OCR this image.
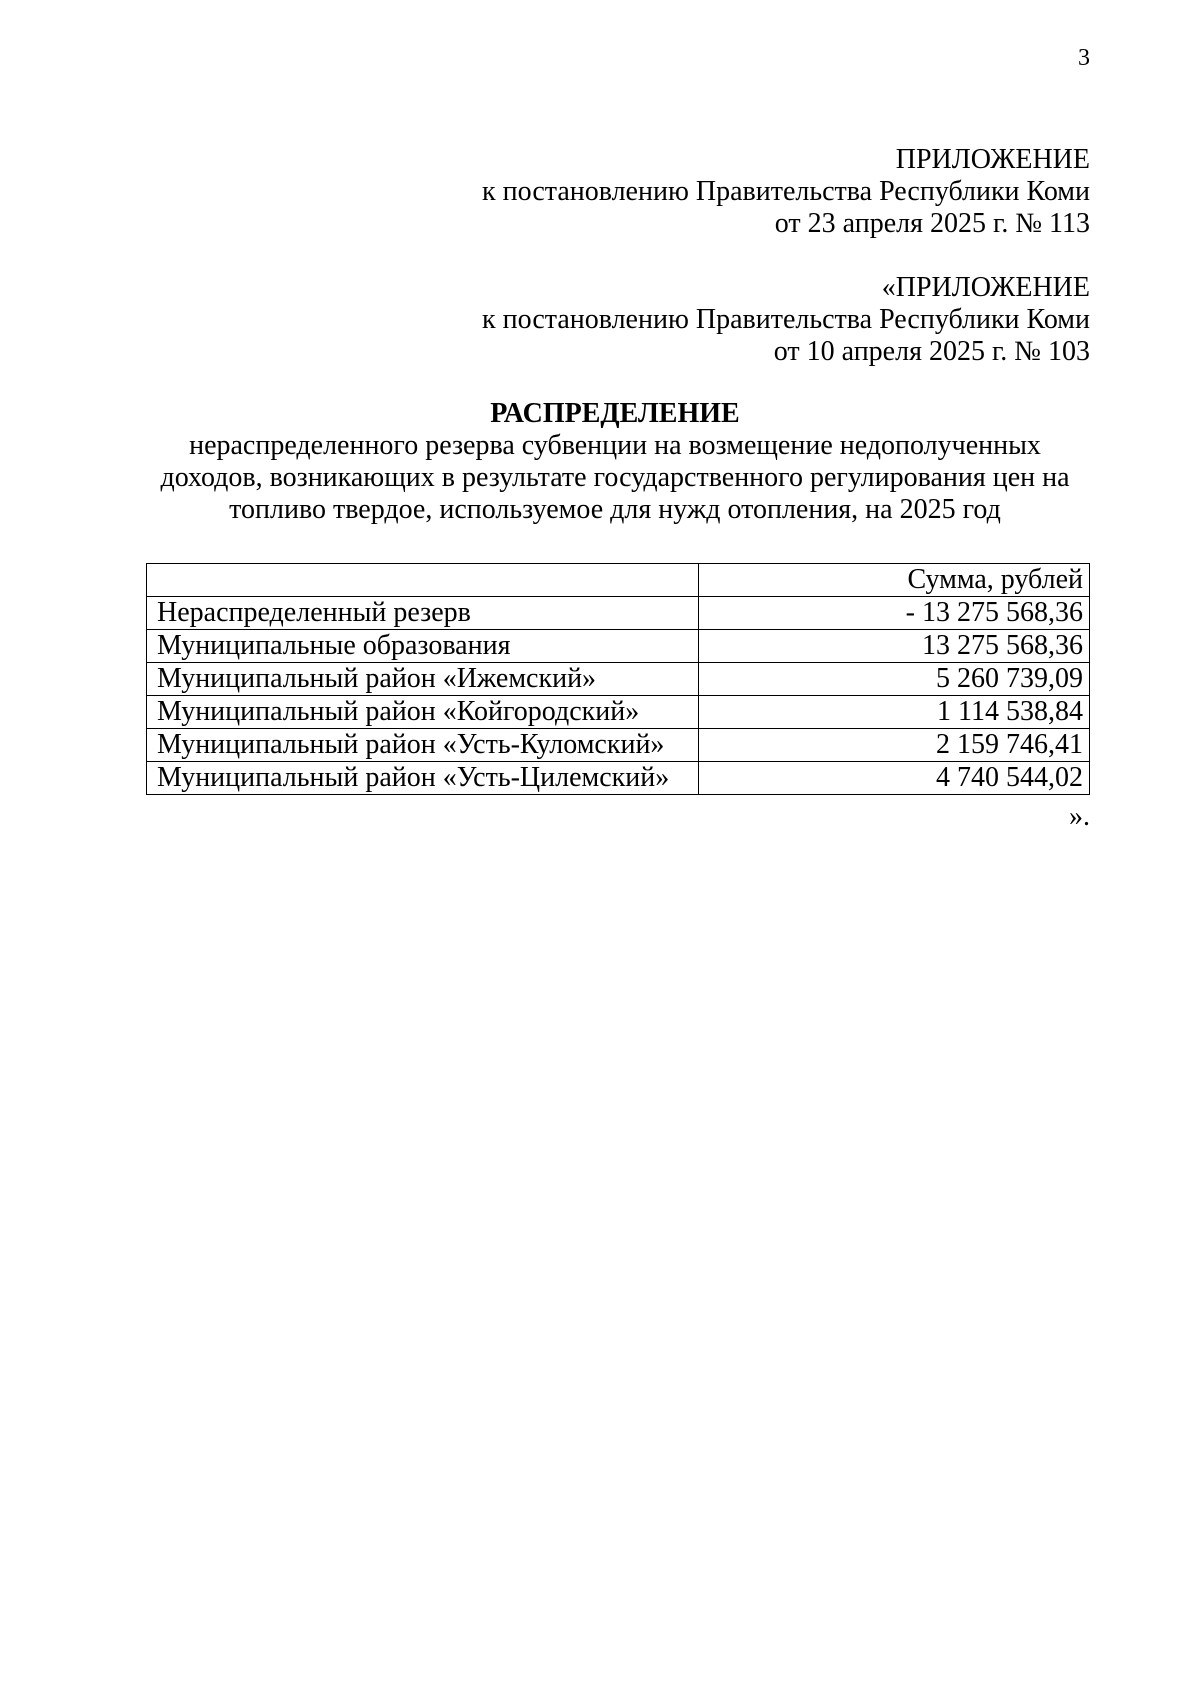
3
ПРИЛОЖЕНИЕ
к постановлению Правительства Республики Коми
от 23 апреля 2025 г. № 113
«ПРИЛОЖЕНИЕ
к постановлению Правительства Республики Коми
от 10 апреля 2025 г. № 103
РАСПРЕДЕЛЕНИЕ
нераспределенного резерва субвенции на возмещение недополученных
доходов, возникающих в результате государственного регулирования цен на
топливо твердое, используемое для нужд отопления, на 2025 год
	Сумма, рублей
Нераспределенный резерв	- 13 275 568,36
Муниципальные образования	13 275 568,36
Муниципальный район «Ижемский»	5 260 739,09
Муниципальный район «Койгородский»	1 114 538,84
Муниципальный район «Усть-Куломский»	2 159 746,41
Муниципальный район «Усть-Цилемский»	4 740 544,02
».
